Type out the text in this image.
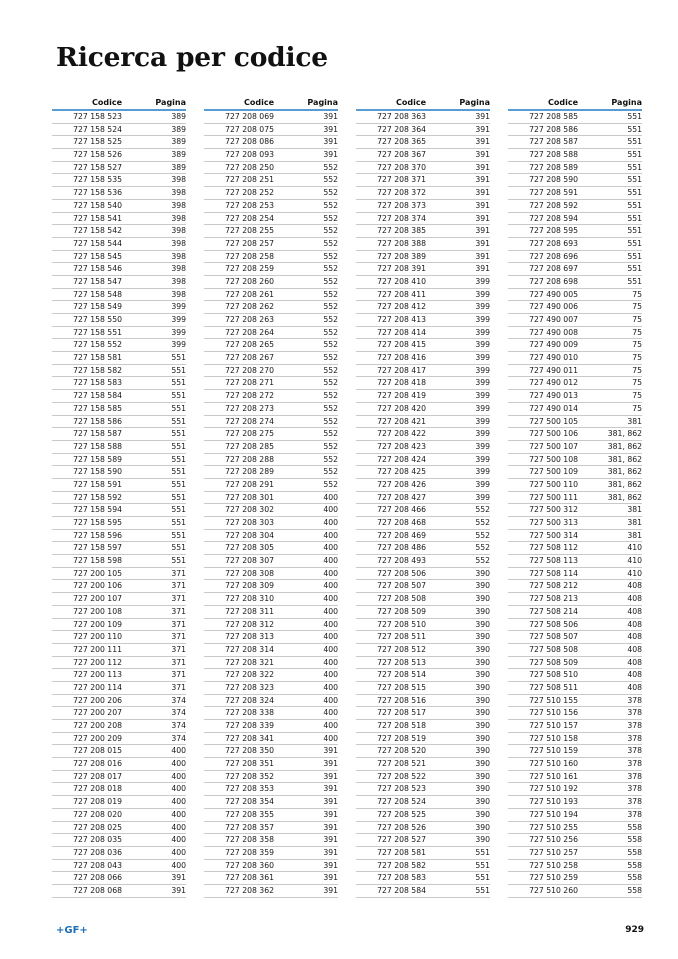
Ricerca per codice
Codice	Pagina
727 158 523	389
727 158 524	389
727 158 525	389
727 158 526	389
727 158 527	389
727 158 535	398
727 158 536	398
727 158 540	398
727 158 541	398
727 158 542	398
727 158 544	398
727 158 545	398
727 158 546	398
727 158 547	398
727 158 548	398
727 158 549	399
727 158 550	399
727 158 551	399
727 158 552	399
727 158 581	551
727 158 582	551
727 158 583	551
727 158 584	551
727 158 585	551
727 158 586	551
727 158 587	551
727 158 588	551
727 158 589	551
727 158 590	551
727 158 591	551
727 158 592	551
727 158 594	551
727 158 595	551
727 158 596	551
727 158 597	551
727 158 598	551
727 200 105	371
727 200 106	371
727 200 107	371
727 200 108	371
727 200 109	371
727 200 110	371
727 200 111	371
727 200 112	371
727 200 113	371
727 200 114	371
727 200 206	374
727 200 207	374
727 200 208	374
727 200 209	374
727 208 015	400
727 208 016	400
727 208 017	400
727 208 018	400
727 208 019	400
727 208 020	400
727 208 025	400
727 208 035	400
727 208 036	400
727 208 043	400
727 208 066	391
727 208 068	391
Codice	Pagina
727 208 069	391
727 208 075	391
727 208 086	391
727 208 093	391
727 208 250	552
727 208 251	552
727 208 252	552
727 208 253	552
727 208 254	552
727 208 255	552
727 208 257	552
727 208 258	552
727 208 259	552
727 208 260	552
727 208 261	552
727 208 262	552
727 208 263	552
727 208 264	552
727 208 265	552
727 208 267	552
727 208 270	552
727 208 271	552
727 208 272	552
727 208 273	552
727 208 274	552
727 208 275	552
727 208 285	552
727 208 288	552
727 208 289	552
727 208 291	552
727 208 301	400
727 208 302	400
727 208 303	400
727 208 304	400
727 208 305	400
727 208 307	400
727 208 308	400
727 208 309	400
727 208 310	400
727 208 311	400
727 208 312	400
727 208 313	400
727 208 314	400
727 208 321	400
727 208 322	400
727 208 323	400
727 208 324	400
727 208 338	400
727 208 339	400
727 208 341	400
727 208 350	391
727 208 351	391
727 208 352	391
727 208 353	391
727 208 354	391
727 208 355	391
727 208 357	391
727 208 358	391
727 208 359	391
727 208 360	391
727 208 361	391
727 208 362	391
Codice	Pagina
727 208 363	391
727 208 364	391
727 208 365	391
727 208 367	391
727 208 370	391
727 208 371	391
727 208 372	391
727 208 373	391
727 208 374	391
727 208 385	391
727 208 388	391
727 208 389	391
727 208 391	391
727 208 410	399
727 208 411	399
727 208 412	399
727 208 413	399
727 208 414	399
727 208 415	399
727 208 416	399
727 208 417	399
727 208 418	399
727 208 419	399
727 208 420	399
727 208 421	399
727 208 422	399
727 208 423	399
727 208 424	399
727 208 425	399
727 208 426	399
727 208 427	399
727 208 466	552
727 208 468	552
727 208 469	552
727 208 486	552
727 208 493	552
727 208 506	390
727 208 507	390
727 208 508	390
727 208 509	390
727 208 510	390
727 208 511	390
727 208 512	390
727 208 513	390
727 208 514	390
727 208 515	390
727 208 516	390
727 208 517	390
727 208 518	390
727 208 519	390
727 208 520	390
727 208 521	390
727 208 522	390
727 208 523	390
727 208 524	390
727 208 525	390
727 208 526	390
727 208 527	390
727 208 581	551
727 208 582	551
727 208 583	551
727 208 584	551
Codice	Pagina
727 208 585	551
727 208 586	551
727 208 587	551
727 208 588	551
727 208 589	551
727 208 590	551
727 208 591	551
727 208 592	551
727 208 594	551
727 208 595	551
727 208 693	551
727 208 696	551
727 208 697	551
727 208 698	551
727 490 005	75
727 490 006	75
727 490 007	75
727 490 008	75
727 490 009	75
727 490 010	75
727 490 011	75
727 490 012	75
727 490 013	75
727 490 014	75
727 500 105	381
727 500 106	381, 862
727 500 107	381, 862
727 500 108	381, 862
727 500 109	381, 862
727 500 110	381, 862
727 500 111	381, 862
727 500 312	381
727 500 313	381
727 500 314	381
727 508 112	410
727 508 113	410
727 508 114	410
727 508 212	408
727 508 213	408
727 508 214	408
727 508 506	408
727 508 507	408
727 508 508	408
727 508 509	408
727 508 510	408
727 508 511	408
727 510 155	378
727 510 156	378
727 510 157	378
727 510 158	378
727 510 159	378
727 510 160	378
727 510 161	378
727 510 192	378
727 510 193	378
727 510 194	378
727 510 255	558
727 510 256	558
727 510 257	558
727 510 258	558
727 510 259	558
727 510 260	558
+GF+	929
